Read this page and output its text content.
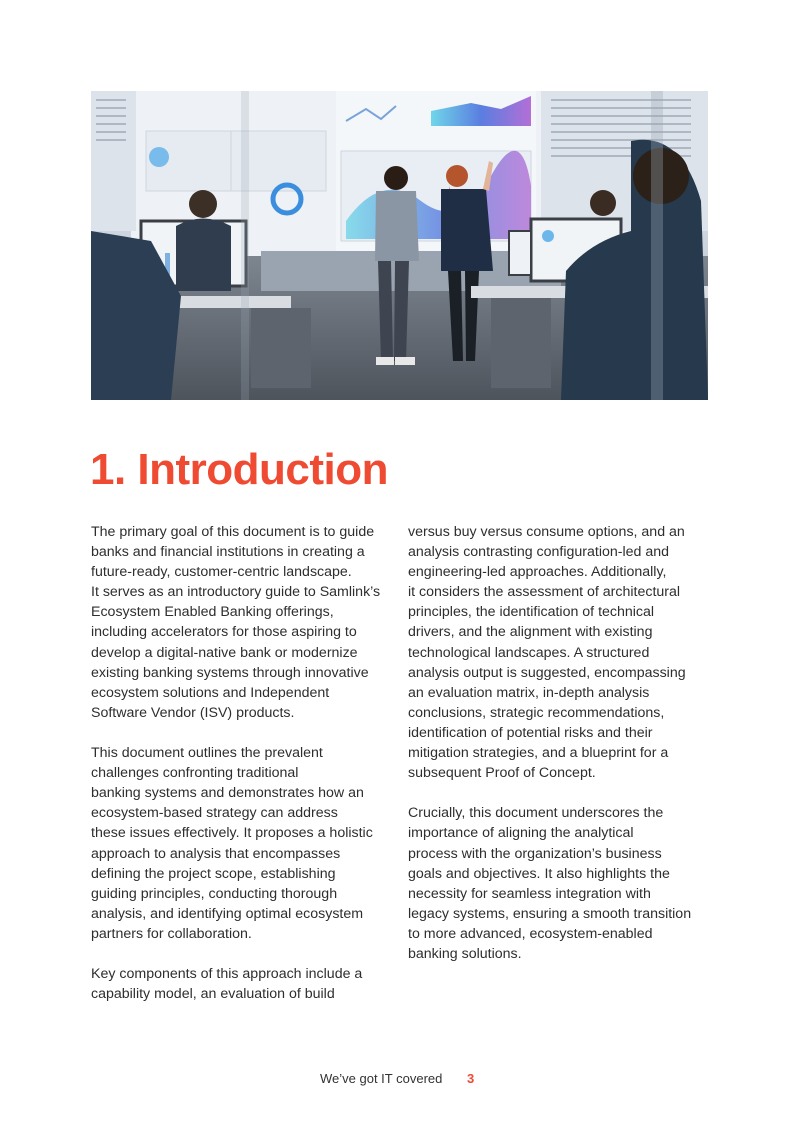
1. Introduction

The primary goal of this document is to guide
banks and financial institutions in creating a
future-ready, customer-centric landscape.
It serves as an introductory guide to Samlink’s
Ecosystem Enabled Banking offerings,
including accelerators for those aspiring to
develop a digital-native bank or modernize
existing banking systems through innovative
ecosystem solutions and Independent
Software Vendor (ISV) products.

This document outlines the prevalent
challenges confronting traditional
banking systems and demonstrates how an
ecosystem-based strategy can address
these issues effectively. It proposes a holistic
approach to analysis that encompasses
defining the project scope, establishing
guiding principles, conducting thorough
analysis, and identifying optimal ecosystem
partners for collaboration.

Key components of this approach include a
capability model, an evaluation of build

versus buy versus consume options, and an
analysis contrasting configuration-led and
engineering-led approaches. Additionally,
it considers the assessment of architectural
principles, the identification of technical
drivers, and the alignment with existing
technological landscapes. A structured
analysis output is suggested, encompassing
an evaluation matrix, in-depth analysis
conclusions, strategic recommendations,
identification of potential risks and their
mitigation strategies, and a blueprint for a
subsequent Proof of Concept.

Crucially, this document underscores the
importance of aligning the analytical
process with the organization’s business
goals and objectives. It also highlights the
necessity for seamless integration with
legacy systems, ensuring a smooth transition
to more advanced, ecosystem-enabled
banking solutions.

We’ve got IT covered 3
